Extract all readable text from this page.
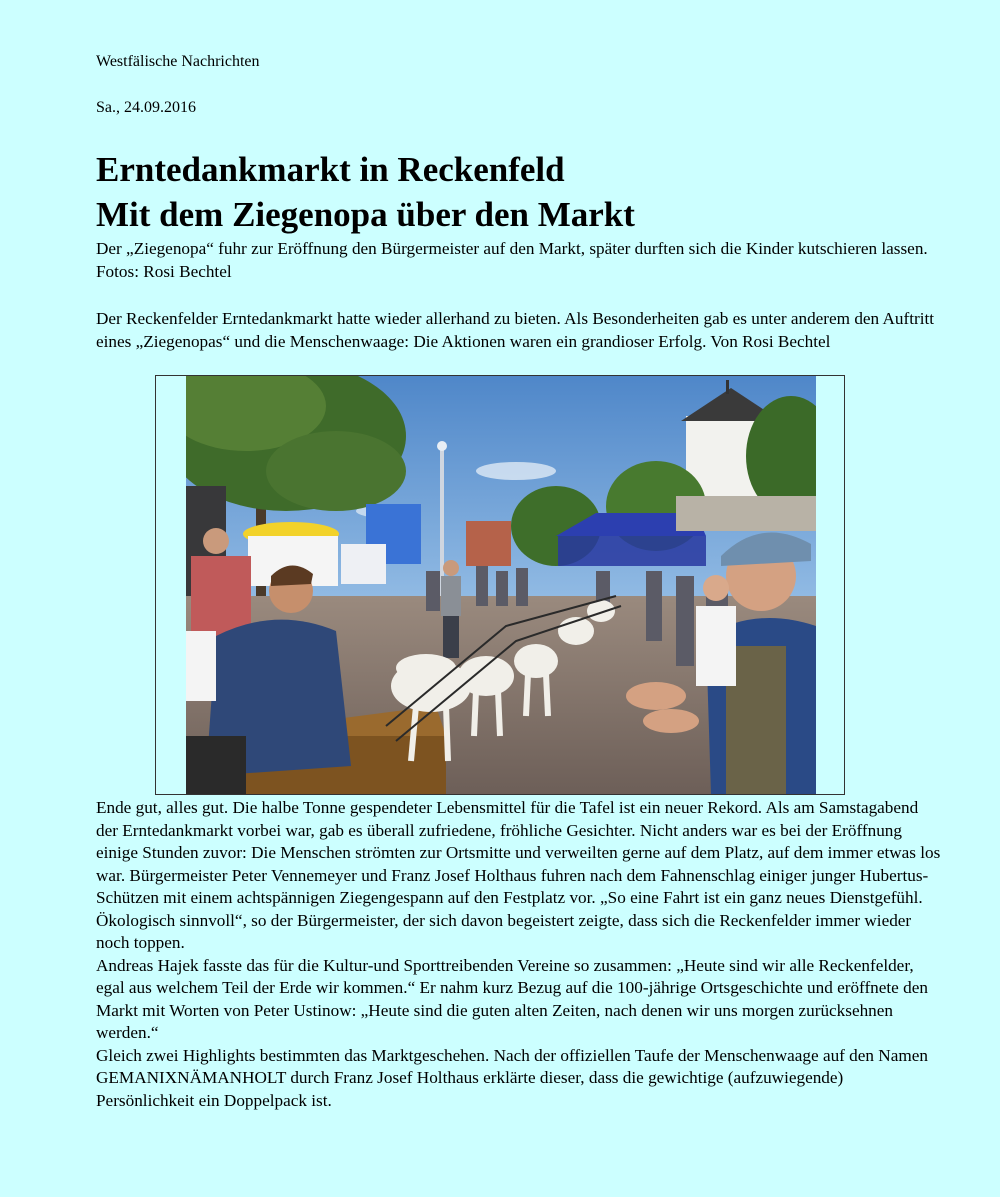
Westfälische Nachrichten
Sa., 24.09.2016
Erntedankmarkt in Reckenfeld
Mit dem Ziegenopa über den Markt

Der „Ziegenopa“ fuhr zur Eröffnung den Bürgermeister auf den Markt, später durften sich die Kinder kutschieren lassen. Fotos: Rosi Bechtel

Der Reckenfelder Erntedankmarkt hatte wieder allerhand zu bieten. Als Besonderheiten gab es unter anderem den Auftritt eines „Ziegenopas“ und die Menschenwaage: Die Aktionen waren ein grandioser Erfolg. Von Rosi Bechtel

Ende gut, alles gut. Die halbe Tonne gespendeter Lebensmittel für die Tafel ist ein neuer Rekord. Als am Samstagabend der Erntedankmarkt vorbei war, gab es überall zufriedene, fröhliche Gesichter. Nicht anders war es bei der Eröffnung einige Stunden zuvor: Die Menschen strömten zur Ortsmitte und verweilten gerne auf dem Platz, auf dem immer etwas los war. Bürgermeister Peter Vennemeyer und Franz Josef Holthaus fuhren nach dem Fahnenschlag einiger junger Hubertus-Schützen mit einem achtspännigen Ziegengespann auf den Festplatz vor. „So eine Fahrt ist ein ganz neues Dienstgefühl. Ökologisch sinnvoll“, so der Bürgermeister, der sich davon begeistert zeigte, dass sich die Reckenfelder immer wieder noch toppen.

Andreas Hajek fasste das für die Kultur-und Sporttreibenden Vereine so zusammen: „Heute sind wir alle Reckenfelder, egal aus welchem Teil der Erde wir kommen.“ Er nahm kurz Bezug auf die 100-jährige Ortsgeschichte und eröffnete den Markt mit Worten von Peter Ustinow: „Heute sind die guten alten Zeiten, nach denen wir uns morgen zurücksehnen werden.“

Gleich zwei Highlights bestimmten das Marktgeschehen. Nach der offiziellen Taufe der Menschenwaage auf den Namen GEMANIXNÄMANHOLT durch Franz Josef Holthaus erklärte dieser, dass die gewichtige (aufzuwiegende) Persönlichkeit ein Doppelpack ist.
